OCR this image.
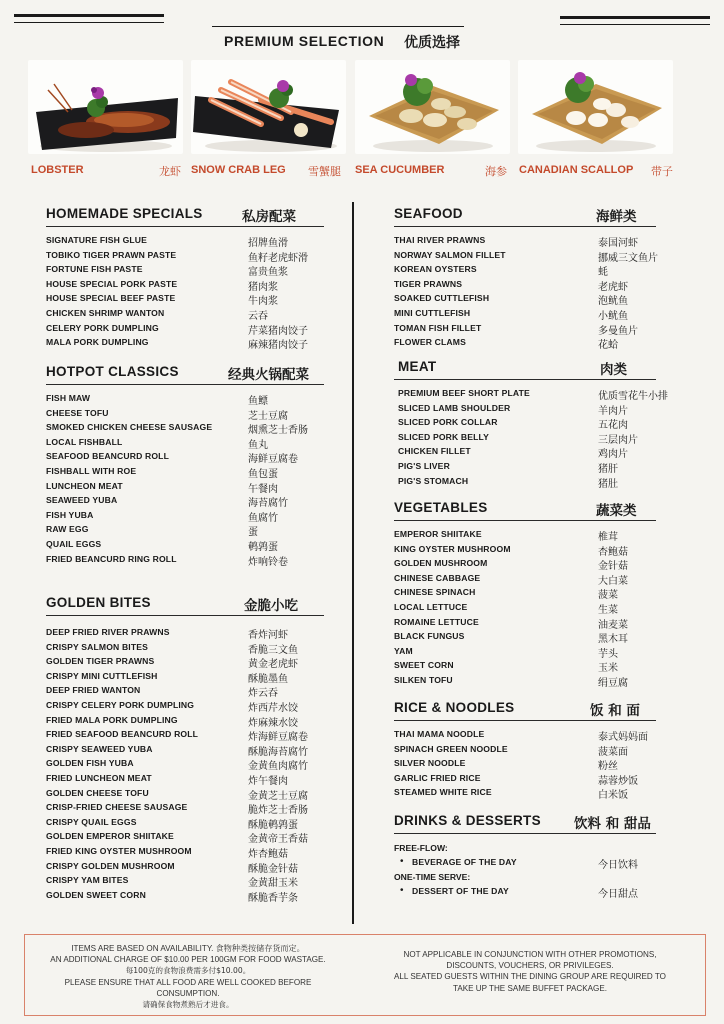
PREMIUM SELECTION 优质选择
LOBSTER	龙虾 SNOW CRAB LEG 雪蟹腿 SEA CUCUMBER	海参 CANADIAN SCALLOP 带子
HOMEMADE SPECIALS	私房配菜
SIGNATURE FISH GLUE	招牌鱼滑
TOBIKO TIGER PRAWN PASTE	鱼籽老虎虾滑
FORTUNE FISH PASTE	富贵鱼浆
HOUSE SPECIAL PORK PASTE	猪肉浆
HOUSE SPECIAL BEEF PASTE	牛肉浆
CHICKEN SHRIMP WANTON	云吞
CELERY PORK DUMPLING	芹菜猪肉饺子
MALA PORK DUMPLING	麻辣猪肉饺子
HOTPOT CLASSICS	经典火锅配菜
FISH MAW	鱼鳔
CHEESE TOFU	芝士豆腐
SMOKED CHICKEN CHEESE SAUSAGE	烟熏芝士香肠
LOCAL FISHBALL	鱼丸
SEAFOOD BEANCURD ROLL	海鲜豆腐卷
FISHBALL WITH ROE	鱼包蛋
LUNCHEON MEAT	午餐肉
SEAWEED YUBA	海苔腐竹
FISH YUBA	鱼腐竹
RAW EGG	蛋
QUAIL EGGS	鹌鹑蛋
FRIED BEANCURD RING ROLL	炸响铃卷
GOLDEN BITES	金脆小吃
DEEP FRIED RIVER PRAWNS	香炸河虾
CRISPY SALMON BITES	香脆三文鱼
GOLDEN TIGER PRAWNS	黄金老虎虾
CRISPY MINI CUTTLEFISH	酥脆墨鱼
DEEP FRIED WANTON	炸云吞
CRISPY CELERY PORK DUMPLING	炸西芹水饺
FRIED MALA PORK DUMPLING	炸麻辣水饺
FRIED SEAFOOD BEANCURD ROLL	炸海鲜豆腐卷
CRISPY SEAWEED YUBA	酥脆海苔腐竹
GOLDEN FISH YUBA	金黄鱼肉腐竹
FRIED LUNCHEON MEAT	炸午餐肉
GOLDEN CHEESE TOFU	金黄芝士豆腐
CRISP-FRIED CHEESE SAUSAGE	脆炸芝士香肠
CRISPY QUAIL EGGS	酥脆鹌鹑蛋
GOLDEN EMPEROR SHIITAKE	金黄帝王香菇
FRIED KING OYSTER MUSHROOM	炸杏鲍菇
CRISPY GOLDEN MUSHROOM	酥脆金针菇
CRISPY YAM BITES	金黄甜玉米
GOLDEN SWEET CORN	酥脆香芋条
SEAFOOD	海鲜类
THAI RIVER PRAWNS	泰国河虾
NORWAY SALMON FILLET	挪威三文鱼片
KOREAN OYSTERS	蚝
TIGER PRAWNS	老虎虾
SOAKED CUTTLEFISH	泡鱿鱼
MINI CUTTLEFISH	小鱿鱼
TOMAN FISH FILLET	多曼鱼片
FLOWER CLAMS	花蛤
MEAT	肉类
PREMIUM BEEF SHORT PLATE	优质雪花牛小排
SLICED LAMB SHOULDER	羊肉片
SLICED PORK COLLAR	五花肉
SLICED PORK BELLY	三层肉片
CHICKEN FILLET	鸡肉片
PIG'S LIVER	猪肝
PIG'S STOMACH	猪肚
VEGETABLES	蔬菜类
EMPEROR SHIITAKE	椎茸
KING OYSTER MUSHROOM	杏鲍菇
GOLDEN MUSHROOM	金针菇
CHINESE CABBAGE	大白菜
CHINESE SPINACH	菠菜
LOCAL LETTUCE	生菜
ROMAINE LETTUCE	油麦菜
BLACK FUNGUS	黑木耳
YAM	芋头
SWEET CORN	玉米
SILKEN TOFU	绢豆腐
RICE & NOODLES	饭 和 面
THAI MAMA NOODLE	泰式妈妈面
SPINACH GREEN NOODLE	菠菜面
SILVER NOODLE	粉丝
GARLIC FRIED RICE	蒜蓉炒饭
STEAMED WHITE RICE	白米饭
DRINKS & DESSERTS 饮料 和 甜品
FREE-FLOW:
• BEVERAGE OF THE DAY	今日饮料
ONE-TIME SERVE:
• DESSERT OF THE DAY	今日甜点
ITEMS ARE BASED ON AVAILABILITY. 食物种类按储存货而定。
AN ADDITIONAL CHARGE OF $10.00 PER 100GM FOR FOOD WASTAGE.
每100克的食物浪费需多付$10.00。
PLEASE ENSURE THAT ALL FOOD ARE WELL COOKED BEFORE
CONSUMPTION.
请确保食物煮熟后才进食。
NOT APPLICABLE IN CONJUNCTION WITH OTHER PROMOTIONS,
DISCOUNTS, VOUCHERS, OR PRIVILEGES.
ALL SEATED GUESTS WITHIN THE DINING GROUP ARE REQUIRED TO
TAKE UP THE SAME BUFFET PACKAGE.
